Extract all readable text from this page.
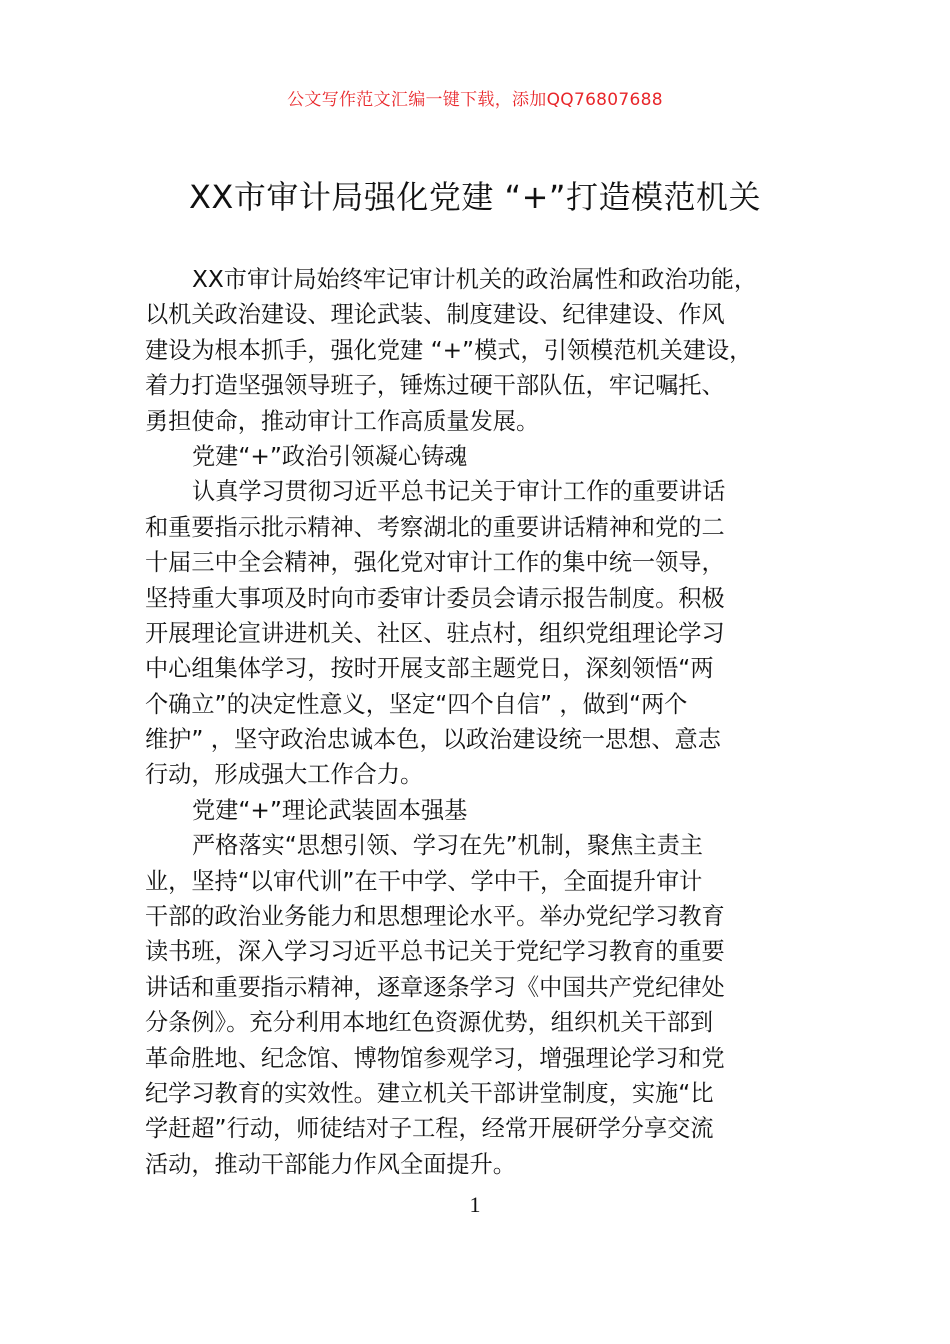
公文写作范文汇编一键下载，添加QQ76807688
XX市审计局强化党建 “+”打造模范机关
XX市审计局始终牢记审计机关的政治属性和政治功能，
以机关政治建设、理论武装、制度建设、纪律建设、作风
建设为根本抓手，强化党建 “+”模式，引领模范机关建设，
着力打造坚强领导班子，锤炼过硬干部队伍，牢记嘱托、
勇担使命，推动审计工作高质量发展。
党建“+”政治引领凝心铸魂
认真学习贯彻习近平总书记关于审计工作的重要讲话
和重要指示批示精神、考察湖北的重要讲话精神和党的二
十届三中全会精神，强化党对审计工作的集中统一领导，
坚持重大事项及时向市委审计委员会请示报告制度。积极
开展理论宣讲进机关、社区、驻点村，组织党组理论学习
中心组集体学习，按时开展支部主题党日，深刻领悟“两
个确立”的决定性意义，坚定“四个自信” ，做到“两个
维护” ，坚守政治忠诚本色，以政治建设统一思想、意志
行动，形成强大工作合力。
党建“+”理论武装固本强基
严格落实“思想引领、学习在先”机制，聚焦主责主
业，坚持“以审代训”在干中学、学中干，全面提升审计
干部的政治业务能力和思想理论水平。举办党纪学习教育
读书班，深入学习习近平总书记关于党纪学习教育的重要
讲话和重要指示精神，逐章逐条学习《中国共产党纪律处
分条例》。充分利用本地红色资源优势，组织机关干部到
革命胜地、纪念馆、博物馆参观学习，增强理论学习和党
纪学习教育的实效性。建立机关干部讲堂制度，实施“比
学赶超”行动，师徒结对子工程，经常开展研学分享交流
活动，推动干部能力作风全面提升。
1
